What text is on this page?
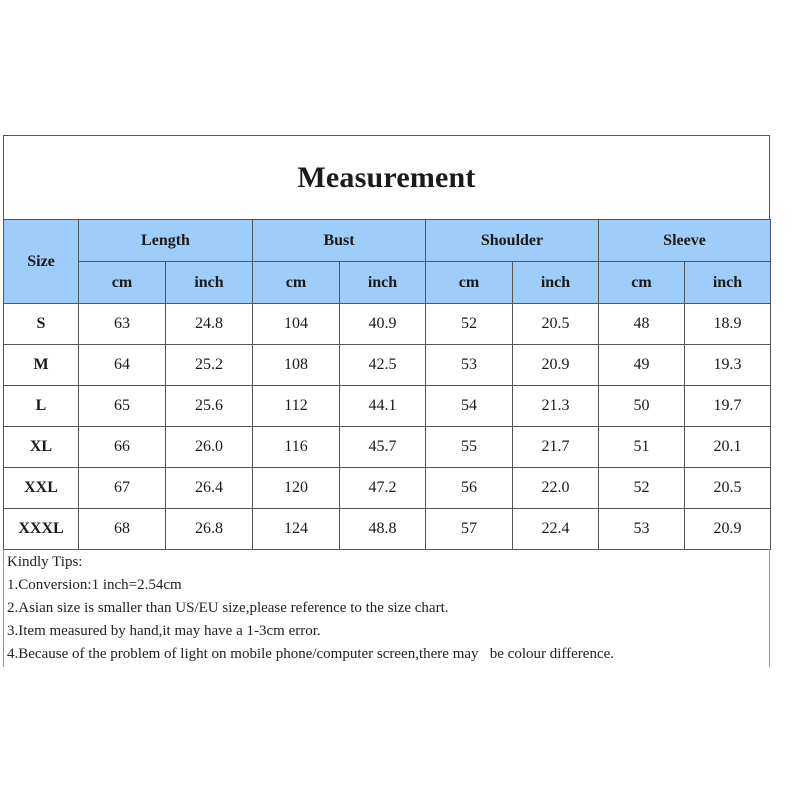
Measurement
Size	Length		Bust		Shoulder		Sleeve	
	cm	inch	cm	inch	cm	inch	cm	inch
S	63	24.8	104	40.9	52	20.5	48	18.9
M	64	25.2	108	42.5	53	20.9	49	19.3
L	65	25.6	112	44.1	54	21.3	50	19.7
XL	66	26.0	116	45.7	55	21.7	51	20.1
XXL	67	26.4	120	47.2	56	22.0	52	20.5
XXXL	68	26.8	124	48.8	57	22.4	53	20.9
Kindly Tips:
1.Conversion:1 inch=2.54cm
2.Asian size is smaller than US/EU size,please reference to the size chart.
3.Item measured by hand,it may have a 1-3cm error.
4.Because of the problem of light on mobile phone/computer screen,there may   be colour difference.
